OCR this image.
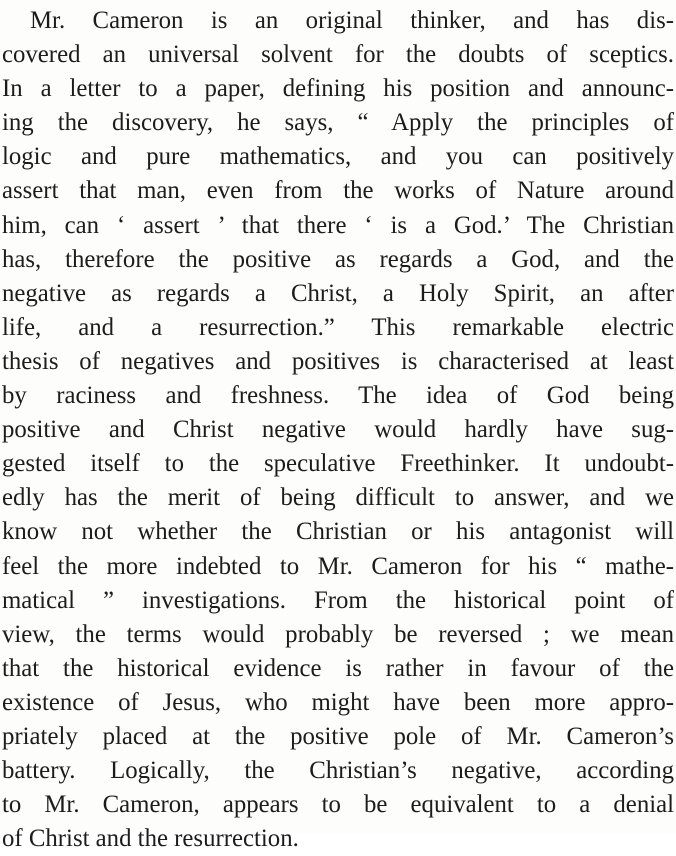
Mr. Cameron is an original thinker, and has dis-
covered an universal solvent for the doubts of sceptics.
In a letter to a paper, defining his position and announc-
ing the discovery, he says, “ Apply the principles of
logic and pure mathematics, and you can positively
assert that man, even from the works of Nature around
him, can ‘ assert ’ that there ‘ is a God.’ The Christian
has, therefore the positive as regards a God, and the
negative as regards a Christ, a Holy Spirit, an after
life, and a resurrection.” This remarkable electric
thesis of negatives and positives is characterised at least
by raciness and freshness. The idea of God being
positive and Christ negative would hardly have sug-
gested itself to the speculative Freethinker. It undoubt-
edly has the merit of being difficult to answer, and we
know not whether the Christian or his antagonist will
feel the more indebted to Mr. Cameron for his “ mathe-
matical ” investigations. From the historical point of
view, the terms would probably be reversed ; we mean
that the historical evidence is rather in favour of the
existence of Jesus, who might have been more appro-
priately placed at the positive pole of Mr. Cameron’s
battery. Logically, the Christian’s negative, according
to Mr. Cameron, appears to be equivalent to a denial
of Christ and the resurrection.
